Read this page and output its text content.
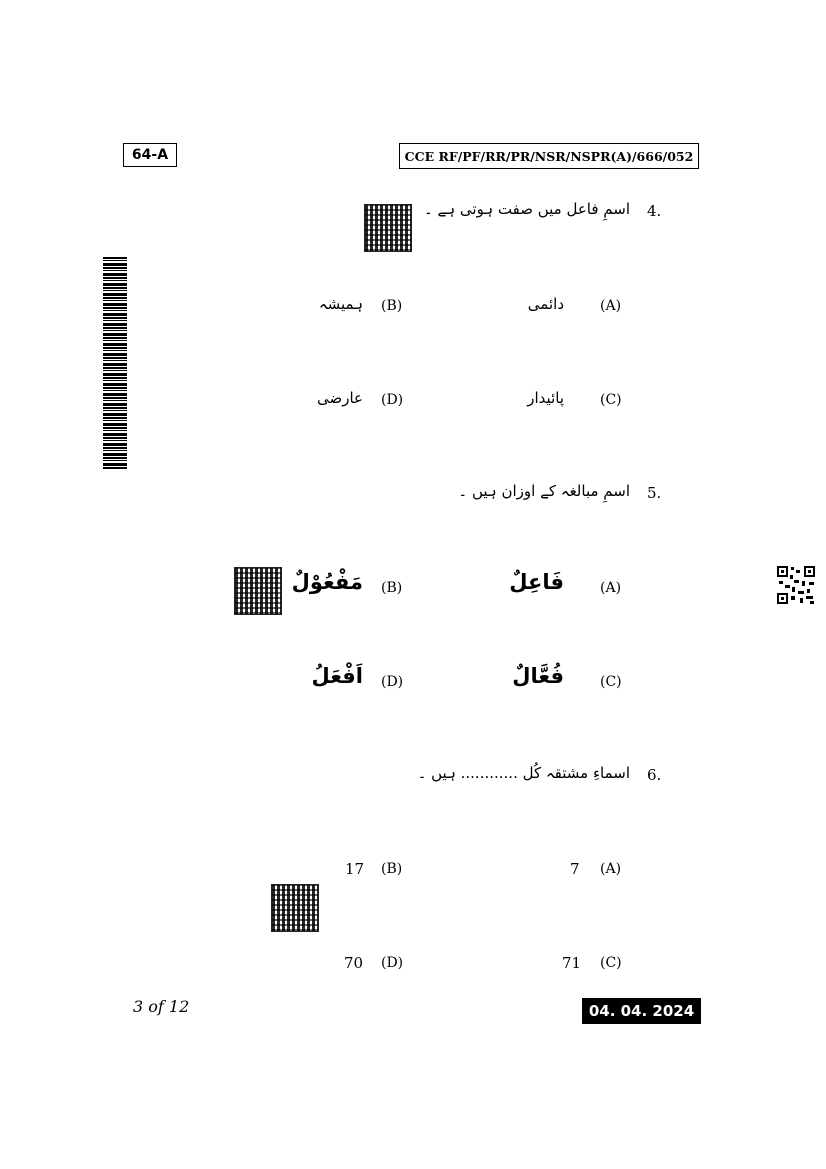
64-A	CCE RF/PF/RR/PR/NSR/NSPR(A)/666/052
4.
اسمِ فاعل میں صفت ہوتی ہے ۔
(A)
دائمی
(B)
ہمیشہ
(C)
پائیدار
(D)
عارضی
5.
اسمِ مبالغہ کے اوزان ہیں ۔
(A)
فَاعِلٌ
(B)
مَفْعُوْلٌ
(C)
فُعَّالٌ
(D)
اَفْعَلُ
6.
اسماءِ مشتقہ کُل ............ ہیں ۔
(A)
7
(B)
17
(C)
71
(D)
70
3 of 12	04. 04. 2024
